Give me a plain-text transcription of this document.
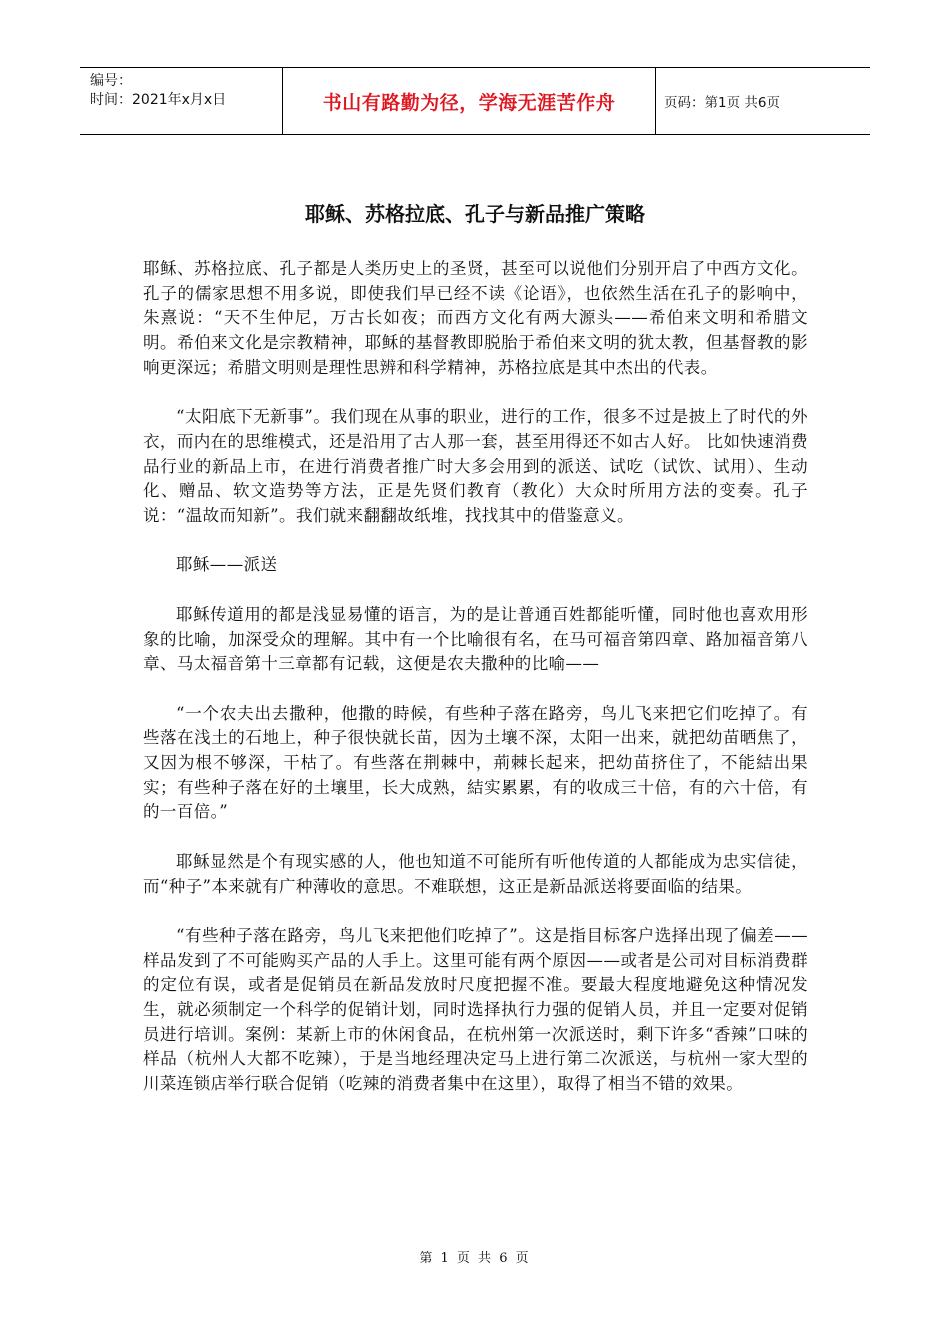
编号：
时间：2021年x月x日	书山有路勤为径，学海无涯苦作舟	页码：第1页 共6页
耶稣、苏格拉底、孔子与新品推广策略

耶稣、苏格拉底、孔子都是人类历史上的圣贤，甚至可以说他们分别开启了中西方文化。孔子的儒家思想不用多说，即使我们早已经不读《论语》，也依然生活在孔子的影响中，朱熹说：“天不生仲尼，万古长如夜；而西方文化有两大源头——希伯来文明和希腊文明。希伯来文化是宗教精神，耶稣的基督教即脱胎于希伯来文明的犹太教，但基督教的影响更深远；希腊文明则是理性思辨和科学精神，苏格拉底是其中杰出的代表。

“太阳底下无新事”。我们现在从事的职业，进行的工作，很多不过是披上了时代的外衣，而内在的思维模式，还是沿用了古人那一套，甚至用得还不如古人好。 比如快速消费品行业的新品上市，在进行消费者推广时大多会用到的派送、试吃（试饮、试用）、生动化、赠品、软文造势等方法，正是先贤们教育（教化）大众时所用方法的变奏。孔子说：“温故而知新”。我们就来翻翻故纸堆，找找其中的借鉴意义。

耶稣——派送

耶稣传道用的都是浅显易懂的语言，为的是让普通百姓都能听懂，同时他也喜欢用形象的比喻，加深受众的理解。其中有一个比喻很有名，在马可福音第四章、路加福音第八章、马太福音第十三章都有记载，这便是农夫撒种的比喻——

“一个农夫出去撒种，他撒的時候，有些种子落在路旁，鸟儿飞来把它们吃掉了。有些落在浅土的石地上，种子很快就长苗，因为土壤不深，太阳一出来，就把幼苗晒焦了，又因为根不够深，干枯了。有些落在荆棘中，荊棘长起来，把幼苗挤住了，不能結出果实；有些种子落在好的土壤里，长大成熟，結实累累，有的收成三十倍，有的六十倍，有的一百倍。”

耶稣显然是个有现实感的人，他也知道不可能所有听他传道的人都能成为忠实信徒，而“种子”本来就有广种薄收的意思。不难联想，这正是新品派送将要面临的结果。

“有些种子落在路旁，鸟儿飞来把他们吃掉了”。这是指目标客户选择出现了偏差——样品发到了不可能购买产品的人手上。这里可能有两个原因——或者是公司对目标消费群的定位有误，或者是促销员在新品发放时尺度把握不准。要最大程度地避免这种情况发生，就必须制定一个科学的促销计划，同时选择执行力强的促销人员，并且一定要对促销员进行培训。案例：某新上市的休闲食品，在杭州第一次派送时，剩下许多“香辣”口味的样品（杭州人大都不吃辣），于是当地经理决定马上进行第二次派送，与杭州一家大型的川菜连锁店举行联合促销（吃辣的消费者集中在这里），取得了相当不错的效果。

第 1 页 共 6 页
